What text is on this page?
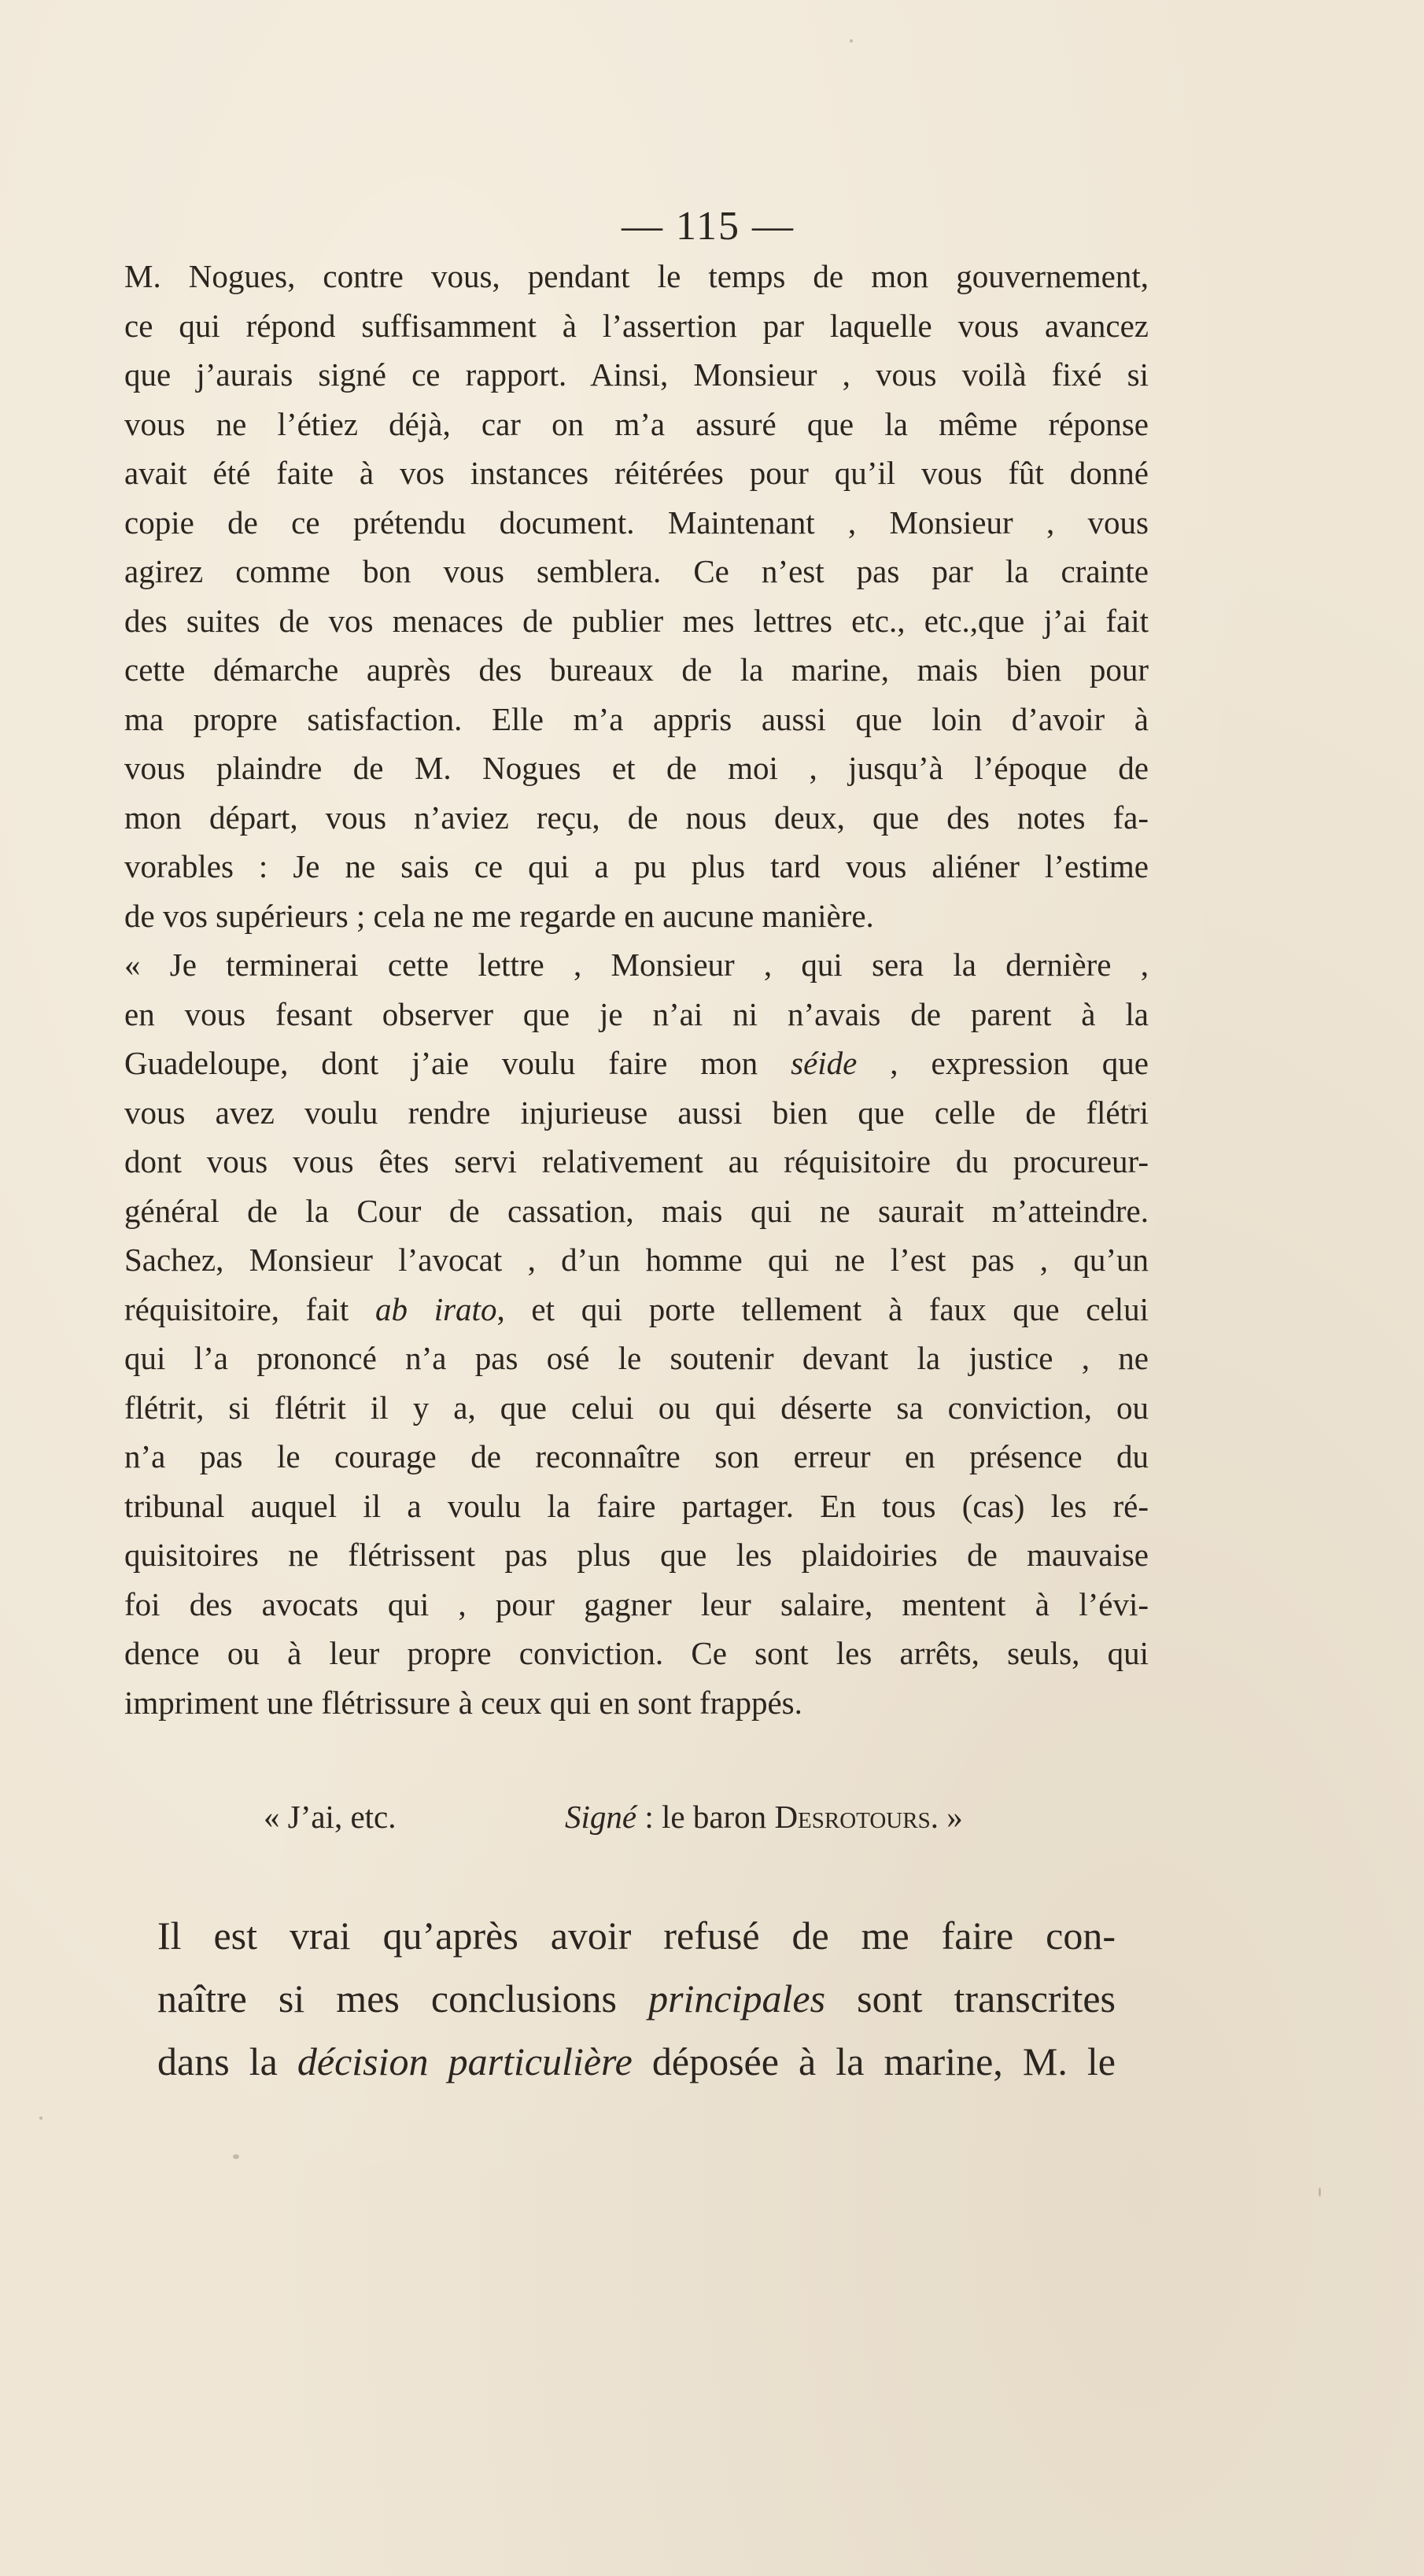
— 115 —
M. Nogues, contre vous, pendant le temps de mon gouvernement,
ce qui répond suffisamment à l’assertion par laquelle vous avancez
que j’aurais signé ce rapport. Ainsi, Monsieur , vous voilà fixé si
vous ne l’étiez déjà, car on m’a assuré que la même réponse
avait été faite à vos instances réitérées pour qu’il vous fût donné
copie de ce prétendu document. Maintenant , Monsieur , vous
agirez comme bon vous semblera. Ce n’est pas par la crainte
des suites de vos menaces de publier mes lettres etc., etc.,que j’ai fait
cette démarche auprès des bureaux de la marine, mais bien pour
ma propre satisfaction. Elle m’a appris aussi que loin d’avoir à
vous plaindre de M. Nogues et de moi , jusqu’à l’époque de
mon départ, vous n’aviez reçu, de nous deux, que des notes fa-
vorables : Je ne sais ce qui a pu plus tard vous aliéner l’estime
de vos supérieurs ; cela ne me regarde en aucune manière.
« Je terminerai cette lettre , Monsieur , qui sera la dernière ,
en vous fesant observer que je n’ai ni n’avais de parent à la
Guadeloupe, dont j’aie voulu faire mon séide , expression que
vous avez voulu rendre injurieuse aussi bien que celle de flétri
dont vous vous êtes servi relativement au réquisitoire du procureur-
général de la Cour de cassation, mais qui ne saurait m’atteindre.
Sachez, Monsieur l’avocat , d’un homme qui ne l’est pas , qu’un
réquisitoire, fait ab irato, et qui porte tellement à faux que celui
qui l’a prononcé n’a pas osé le soutenir devant la justice , ne
flétrit, si flétrit il y a, que celui ou qui déserte sa conviction, ou
n’a pas le courage de reconnaître son erreur en présence du
tribunal auquel il a voulu la faire partager. En tous (cas) les ré-
quisitoires ne flétrissent pas plus que les plaidoiries de mauvaise
foi des avocats qui , pour gagner leur salaire, mentent à l’évi-
dence ou à leur propre conviction. Ce sont les arrêts, seuls, qui
impriment une flétrissure à ceux qui en sont frappés.
« J’ai, etc.	Signé : le baron Desrotours. »
Il est vrai qu’après avoir refusé de me faire con-
naître si mes conclusions principales sont transcrites
dans la décision particulière déposée à la marine, M. le
